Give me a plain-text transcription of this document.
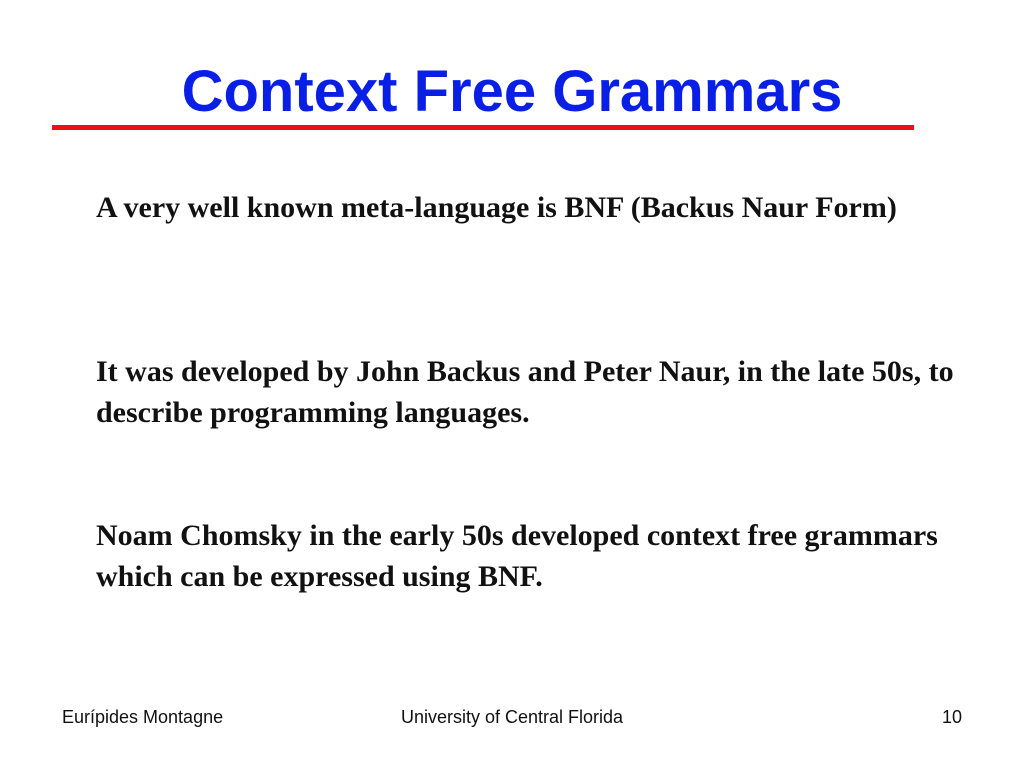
Context Free Grammars

A very well known meta-language is BNF (Backus Naur Form)

It was developed by John Backus and Peter Naur, in the late 50s, to describe programming languages.

Noam Chomsky in the early 50s developed context free grammars which can be expressed using BNF.

Eurípides Montagne	University of Central Florida	10
